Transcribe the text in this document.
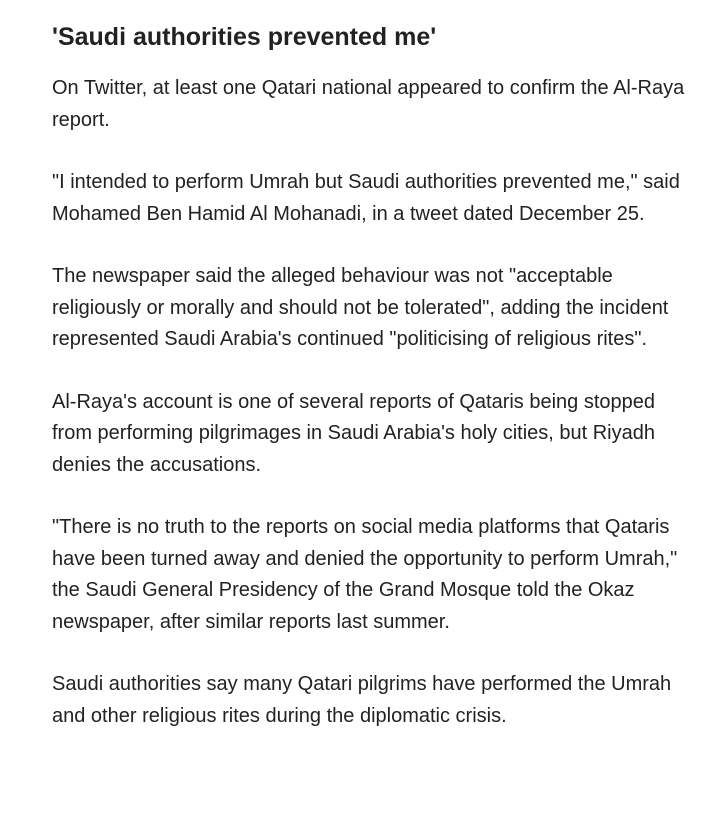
'Saudi authorities prevented me'

On Twitter, at least one Qatari national appeared to confirm the Al-Raya report.

"I intended to perform Umrah but Saudi authorities prevented me," said Mohamed Ben Hamid Al Mohanadi, in a tweet dated December 25.

The newspaper said the alleged behaviour was not "acceptable religiously or morally and should not be tolerated", adding the incident represented Saudi Arabia's continued "politicising of religious rites".

Al-Raya's account is one of several reports of Qataris being stopped from performing pilgrimages in Saudi Arabia's holy cities, but Riyadh denies the accusations.

"There is no truth to the reports on social media platforms that Qataris have been turned away and denied the opportunity to perform Umrah," the Saudi General Presidency of the Grand Mosque told the Okaz newspaper, after similar reports last summer.

Saudi authorities say many Qatari pilgrims have performed the Umrah and other religious rites during the diplomatic crisis.
